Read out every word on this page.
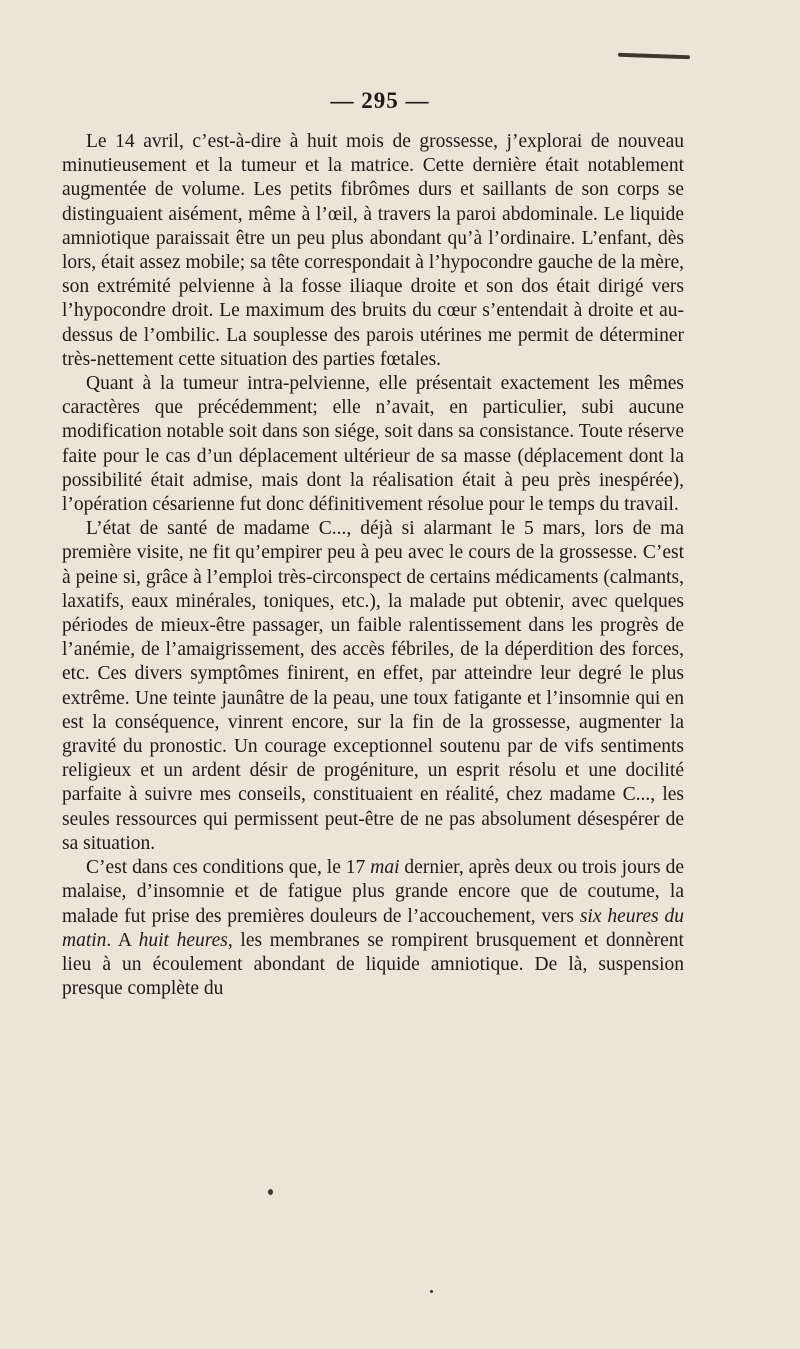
— 295 —

Le 14 avril, c’est-à-dire à huit mois de grossesse, j’explorai de nouveau minutieusement et la tumeur et la matrice. Cette dernière était notablement augmentée de volume. Les petits fibrômes durs et saillants de son corps se distinguaient aisément, même à l’œil, à travers la paroi abdominale. Le liquide amniotique paraissait être un peu plus abondant qu’à l’ordinaire. L’enfant, dès lors, était assez mobile; sa tête correspondait à l’hypocondre gauche de la mère, son extrémité pelvienne à la fosse iliaque droite et son dos était dirigé vers l’hypocondre droit. Le maximum des bruits du cœur s’entendait à droite et au-dessus de l’ombilic. La souplesse des parois utérines me permit de déterminer très-nettement cette situation des parties fœtales.

Quant à la tumeur intra-pelvienne, elle présentait exactement les mêmes caractères que précédemment; elle n’avait, en particulier, subi aucune modification notable soit dans son siége, soit dans sa consistance. Toute réserve faite pour le cas d’un déplacement ultérieur de sa masse (déplacement dont la possibilité était admise, mais dont la réalisation était à peu près inespérée), l’opération césarienne fut donc définitivement résolue pour le temps du travail.

L’état de santé de madame C..., déjà si alarmant le 5 mars, lors de ma première visite, ne fit qu’empirer peu à peu avec le cours de la grossesse. C’est à peine si, grâce à l’emploi très-circonspect de certains médicaments (calmants, laxatifs, eaux minérales, toniques, etc.), la malade put obtenir, avec quelques périodes de mieux-être passager, un faible ralentissement dans les progrès de l’anémie, de l’amaigrissement, des accès fébriles, de la déperdition des forces, etc. Ces divers symptômes finirent, en effet, par atteindre leur degré le plus extrême. Une teinte jaunâtre de la peau, une toux fatigante et l’insomnie qui en est la conséquence, vinrent encore, sur la fin de la grossesse, augmenter la gravité du pronostic. Un courage exceptionnel soutenu par de vifs sentiments religieux et un ardent désir de progéniture, un esprit résolu et une docilité parfaite à suivre mes conseils, constituaient en réalité, chez madame C..., les seules ressources qui permissent peut-être de ne pas absolument désespérer de sa situation.

C’est dans ces conditions que, le 17 mai dernier, après deux ou trois jours de malaise, d’insomnie et de fatigue plus grande encore que de coutume, la malade fut prise des premières douleurs de l’accouchement, vers six heures du matin. A huit heures, les membranes se rompirent brusquement et donnèrent lieu à un écoulement abondant de liquide amniotique. De là, suspension presque complète du
